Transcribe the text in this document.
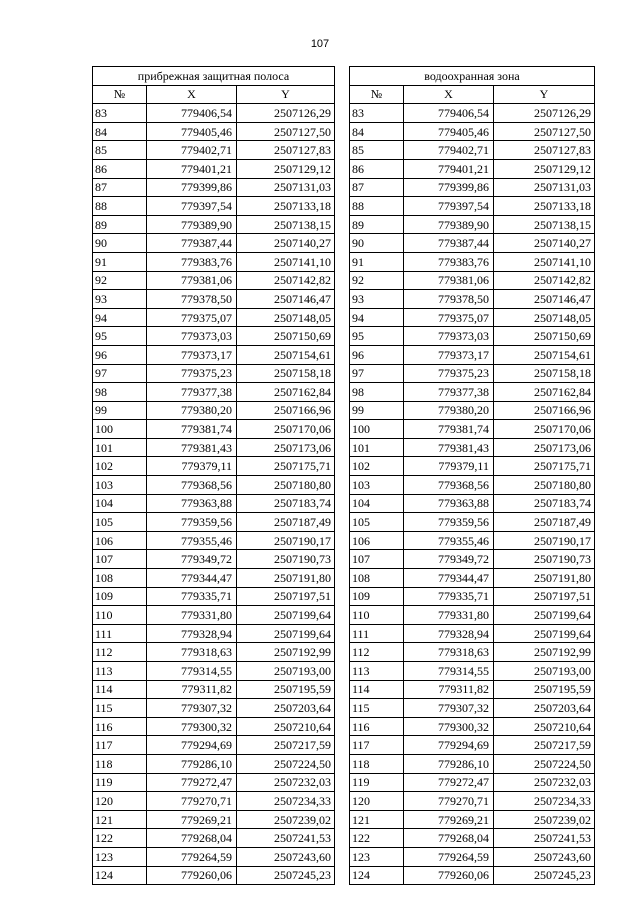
107
прибрежная защитная полоса		
№	X	Y
83	779406,54	2507126,29
84	779405,46	2507127,50
85	779402,71	2507127,83
86	779401,21	2507129,12
87	779399,86	2507131,03
88	779397,54	2507133,18
89	779389,90	2507138,15
90	779387,44	2507140,27
91	779383,76	2507141,10
92	779381,06	2507142,82
93	779378,50	2507146,47
94	779375,07	2507148,05
95	779373,03	2507150,69
96	779373,17	2507154,61
97	779375,23	2507158,18
98	779377,38	2507162,84
99	779380,20	2507166,96
100	779381,74	2507170,06
101	779381,43	2507173,06
102	779379,11	2507175,71
103	779368,56	2507180,80
104	779363,88	2507183,74
105	779359,56	2507187,49
106	779355,46	2507190,17
107	779349,72	2507190,73
108	779344,47	2507191,80
109	779335,71	2507197,51
110	779331,80	2507199,64
111	779328,94	2507199,64
112	779318,63	2507192,99
113	779314,55	2507193,00
114	779311,82	2507195,59
115	779307,32	2507203,64
116	779300,32	2507210,64
117	779294,69	2507217,59
118	779286,10	2507224,50
119	779272,47	2507232,03
120	779270,71	2507234,33
121	779269,21	2507239,02
122	779268,04	2507241,53
123	779264,59	2507243,60
124	779260,06	2507245,23
водоохранная зона		
№	X	Y
83	779406,54	2507126,29
84	779405,46	2507127,50
85	779402,71	2507127,83
86	779401,21	2507129,12
87	779399,86	2507131,03
88	779397,54	2507133,18
89	779389,90	2507138,15
90	779387,44	2507140,27
91	779383,76	2507141,10
92	779381,06	2507142,82
93	779378,50	2507146,47
94	779375,07	2507148,05
95	779373,03	2507150,69
96	779373,17	2507154,61
97	779375,23	2507158,18
98	779377,38	2507162,84
99	779380,20	2507166,96
100	779381,74	2507170,06
101	779381,43	2507173,06
102	779379,11	2507175,71
103	779368,56	2507180,80
104	779363,88	2507183,74
105	779359,56	2507187,49
106	779355,46	2507190,17
107	779349,72	2507190,73
108	779344,47	2507191,80
109	779335,71	2507197,51
110	779331,80	2507199,64
111	779328,94	2507199,64
112	779318,63	2507192,99
113	779314,55	2507193,00
114	779311,82	2507195,59
115	779307,32	2507203,64
116	779300,32	2507210,64
117	779294,69	2507217,59
118	779286,10	2507224,50
119	779272,47	2507232,03
120	779270,71	2507234,33
121	779269,21	2507239,02
122	779268,04	2507241,53
123	779264,59	2507243,60
124	779260,06	2507245,23
